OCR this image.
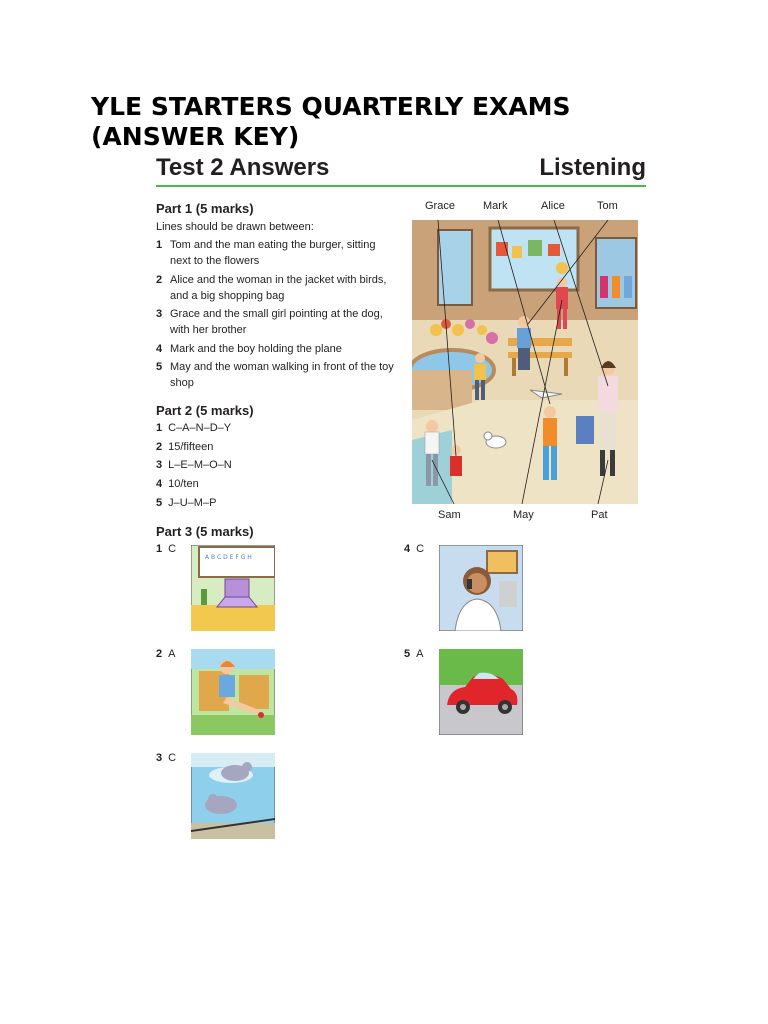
YLE STARTERS QUARTERLY EXAMS (ANSWER KEY)
Test 2 Answers	Listening
Part 1 (5 marks)
Lines should be drawn between:
1 Tom and the man eating the burger, sitting next to the flowers
2 Alice and the woman in the jacket with birds, and a big shopping bag
3 Grace and the small girl pointing at the dog, with her brother
4 Mark and the boy holding the plane
5 May and the woman walking in front of the toy shop
Grace	Mark	Alice	Tom
Sam	May	Pat
Part 2 (5 marks)
1 C–A–N–D–Y
2 15/fifteen
3 L–E–M–O–N
4 10/ten
5 J–U–M–P
Part 3 (5 marks)
1 C
A B C D E F G H
2 A
3 C
4 C
5 A
